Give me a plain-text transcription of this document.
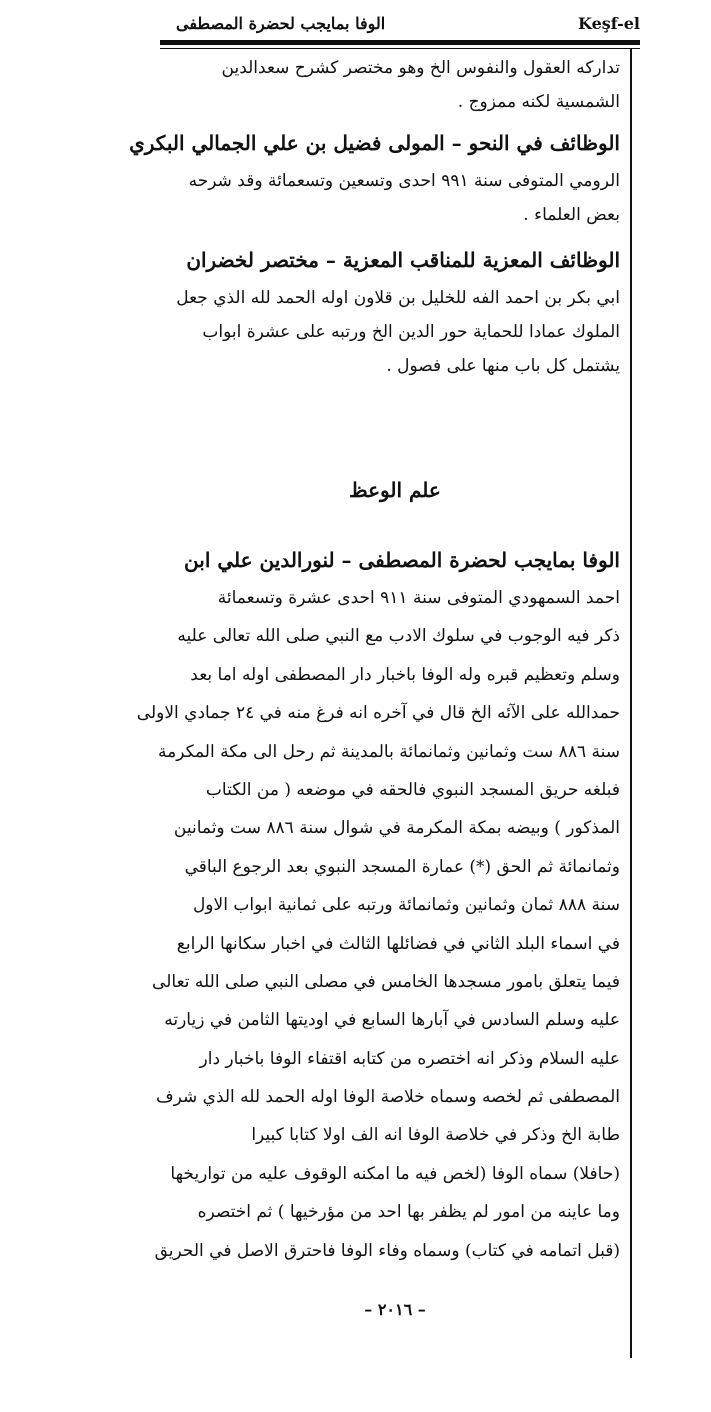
الوفا بمايجب لحضرة المصطفى	Keşf-el
تداركه العقول والنفوس الخ وهو مختصر كشرح سعدالدين
الشمسية لكنه ممزوج .
الوظائف في النحو – المولى فضيل بن علي الجمالي البكري
الرومي المتوفى سنة ٩٩١ احدى وتسعين وتسعمائة وقد شرحه
بعض العلماء .
الوظائف المعزية للمناقب المعزية – مختصر لخضران
ابي بكر بن احمد الفه للخليل بن قلاون اوله الحمد لله الذي جعل
الملوك عمادا للحماية حور الدين الخ ورتبه على عشرة ابواب
يشتمل كل باب منها على فصول .
علم الوعظ
الوفا بمايجب لحضرة المصطفى – لنورالدين علي ابن
احمد السمهودي المتوفى سنة ٩١١ احدى عشرة وتسعمائة
ذكر فيه الوجوب في سلوك الادب مع النبي صلى الله تعالى عليه
وسلم وتعظيم قبره وله الوفا باخبار دار المصطفى اوله اما بعد
حمدالله على الآئه الخ قال في آخره انه فرغ منه في ٢٤ جمادي الاولى
سنة ٨٨٦ ست وثمانين وثمانمائة بالمدينة ثم رحل الى مكة المكرمة
فبلغه حريق المسجد النبوي فالحقه في موضعه ( من الكتاب
المذكور ) وبيضه بمكة المكرمة في شوال سنة ٨٨٦ ست وثمانين
وثمانمائة ثم الحق (*) عمارة المسجد النبوي بعد الرجوع الباقي
سنة ٨٨٨ ثمان وثمانين وثمانمائة ورتبه على ثمانية ابواب الاول
في اسماء البلد الثاني في فضائلها الثالث في اخبار سكانها الرابع
فيما يتعلق بامور مسجدها الخامس في مصلى النبي صلى الله تعالى
عليه وسلم السادس في آبارها السابع في اوديتها الثامن في زيارته
عليه السلام وذكر انه اختصره من كتابه اقتفاء الوفا باخبار دار
المصطفى ثم لخصه وسماه خلاصة الوفا اوله الحمد لله الذي شرف
طابة الخ وذكر في خلاصة الوفا انه الف اولا كتابا كبيرا
(حافلا) سماه الوفا (لخص فيه ما امكنه الوقوف عليه من تواريخها
وما عاينه من امور لم يظفر بها احد من مؤرخيها ) ثم اختصره
(قبل اتمامه في كتاب) وسماه وفاء الوفا فاحترق الاصل في الحريق
– ٢٠١٦ –
